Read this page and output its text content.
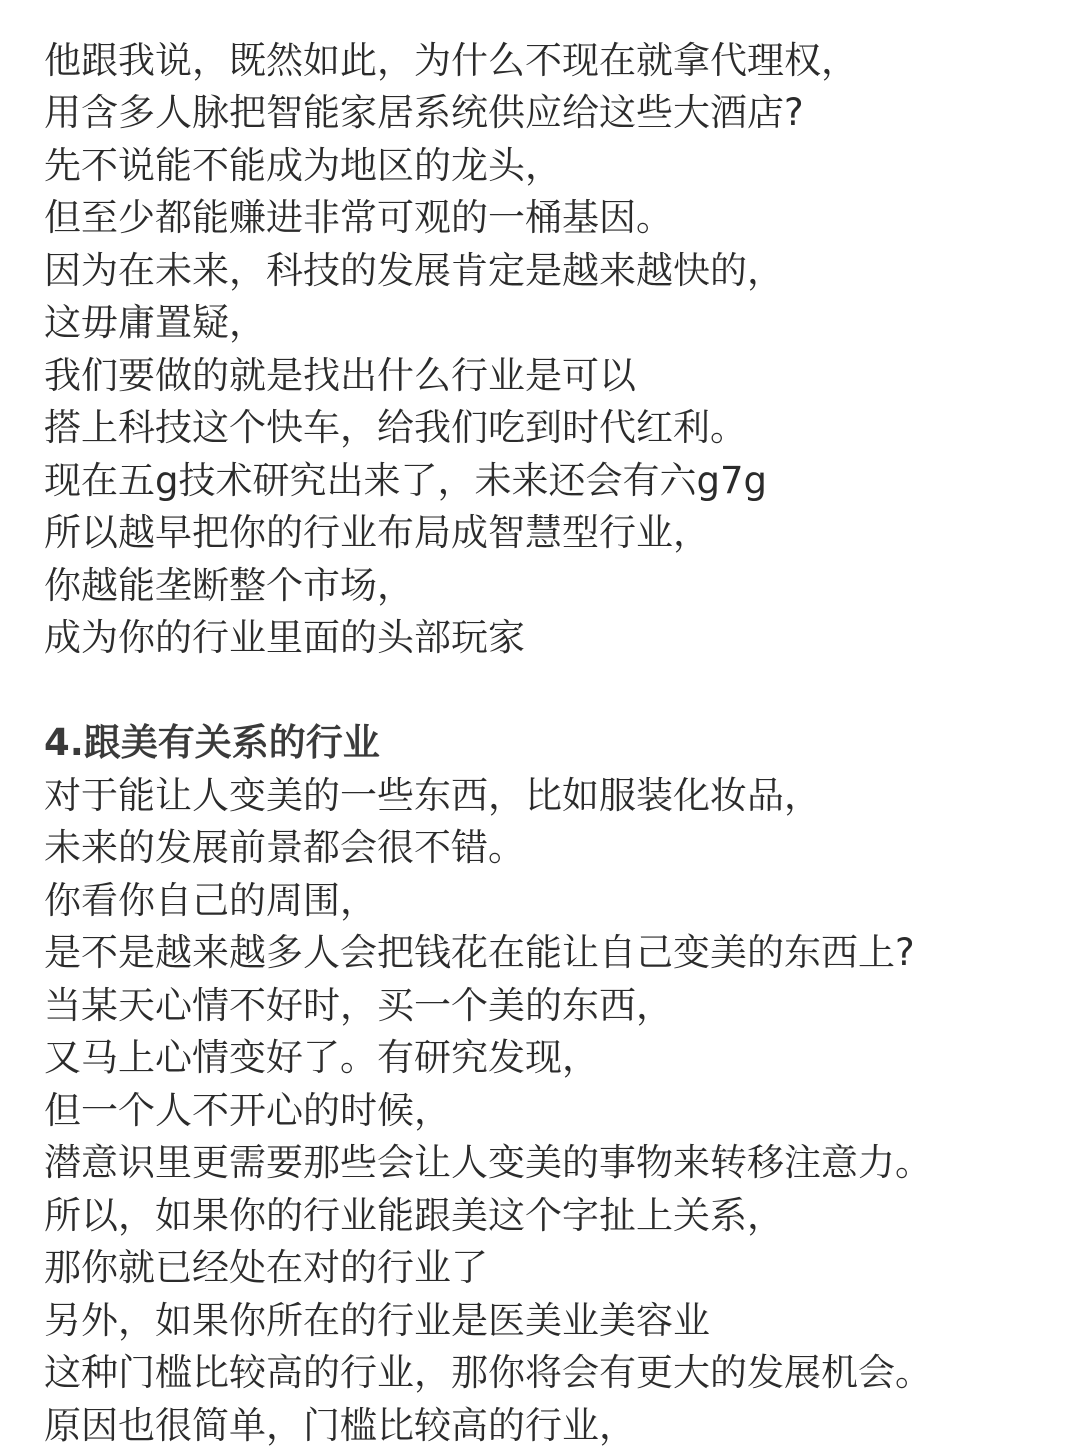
他跟我说，既然如此，为什么不现在就拿代理权，
用含多人脉把智能家居系统供应给这些大酒店?
先不说能不能成为地区的龙头，
但至少都能赚进非常可观的一桶基因。
因为在未来，科技的发展肯定是越来越快的，
这毋庸置疑，
我们要做的就是找出什么行业是可以
搭上科技这个快车，给我们吃到时代红利。
现在五g技术研究出来了，未来还会有六g7g
所以越早把你的行业布局成智慧型行业，
你越能垄断整个市场，
成为你的行业里面的头部玩家
4.跟美有关系的行业
对于能让人变美的一些东西，比如服装化妆品，
未来的发展前景都会很不错。
你看你自己的周围，
是不是越来越多人会把钱花在能让自己变美的东西上?
当某天心情不好时，买一个美的东西，
又马上心情变好了。有研究发现，
但一个人不开心的时候，
潜意识里更需要那些会让人变美的事物来转移注意力。
所以，如果你的行业能跟美这个字扯上关系，
那你就已经处在对的行业了
另外，如果你所在的行业是医美业美容业
这种门槛比较高的行业，那你将会有更大的发展机会。
原因也很简单，门槛比较高的行业，
